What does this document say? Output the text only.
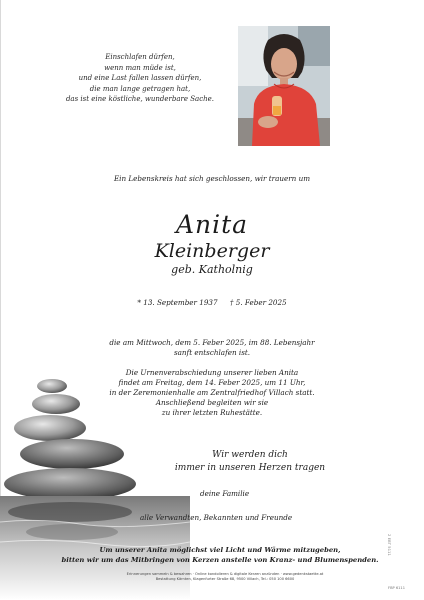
Einschlafen dürfen,
wenn man müde ist,
und eine Last fallen lassen dürfen,
die man lange getragen hat,
das ist eine köstliche, wunderbare Sache.
Ein Lebenskreis hat sich geschlossen, wir trauern um
Anita
Kleinberger
geb. Katholnig
* 13. September 1937 † 5. Feber 2025
die am Mittwoch, dem 5. Feber 2025, im 88. Lebensjahr
sanft entschlafen ist.
Die Urnenverabschiedung unserer lieben Anita
findet am Freitag, dem 14. Feber 2025, um 11 Uhr,
in der Zeremonienhalle am Zentralfriedhof Villach statt.
Anschließend begleiten wir sie
zu ihrer letzten Ruhestätte.
Wir werden dich
immer in unseren Herzen tragen
deine Familie
alle Verwandten, Bekannten und Freunde
Um unserer Anita möglichst viel Licht und Wärme mitzugeben,
bitten wir um das Mitbringen von Kerzen anstelle von Kranz- und Blumenspenden.
Erinnerungen sammeln & bewahren · Online kondolieren & digitale Kerzen anzünden · www.gedenkstaette.at
Bestattung Kärnten, Klagenfurter Straße 68, 9500 Villach, Tel.: 050 100 6600
2 EBT 5111
FBP 6111
